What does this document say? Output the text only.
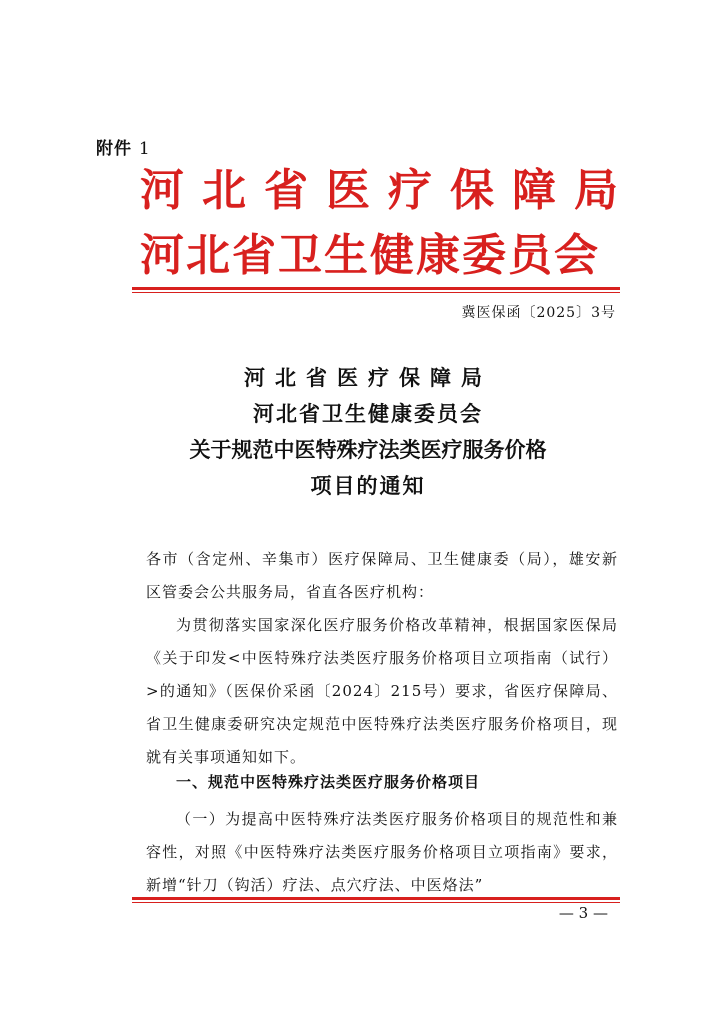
附件 1
河北省医疗保障局
河北省卫生健康委员会
冀医保函〔2025〕3号
河北省医疗保障局
河北省卫生健康委员会
关于规范中医特殊疗法类医疗服务价格
项目的通知
各市（含定州、辛集市）医疗保障局、卫生健康委（局），雄安新区管委会公共服务局，省直各医疗机构：
为贯彻落实国家深化医疗服务价格改革精神，根据国家医保局《关于印发<中医特殊疗法类医疗服务价格项目立项指南（试行）>的通知》（医保价采函〔2024〕215号）要求，省医疗保障局、省卫生健康委研究决定规范中医特殊疗法类医疗服务价格项目，现就有关事项通知如下。
一、规范中医特殊疗法类医疗服务价格项目
（一）为提高中医特殊疗法类医疗服务价格项目的规范性和兼容性，对照《中医特殊疗法类医疗服务价格项目立项指南》要求，新增“针刀（钩活）疗法、点穴疗法、中医烙法”
— 3 —
